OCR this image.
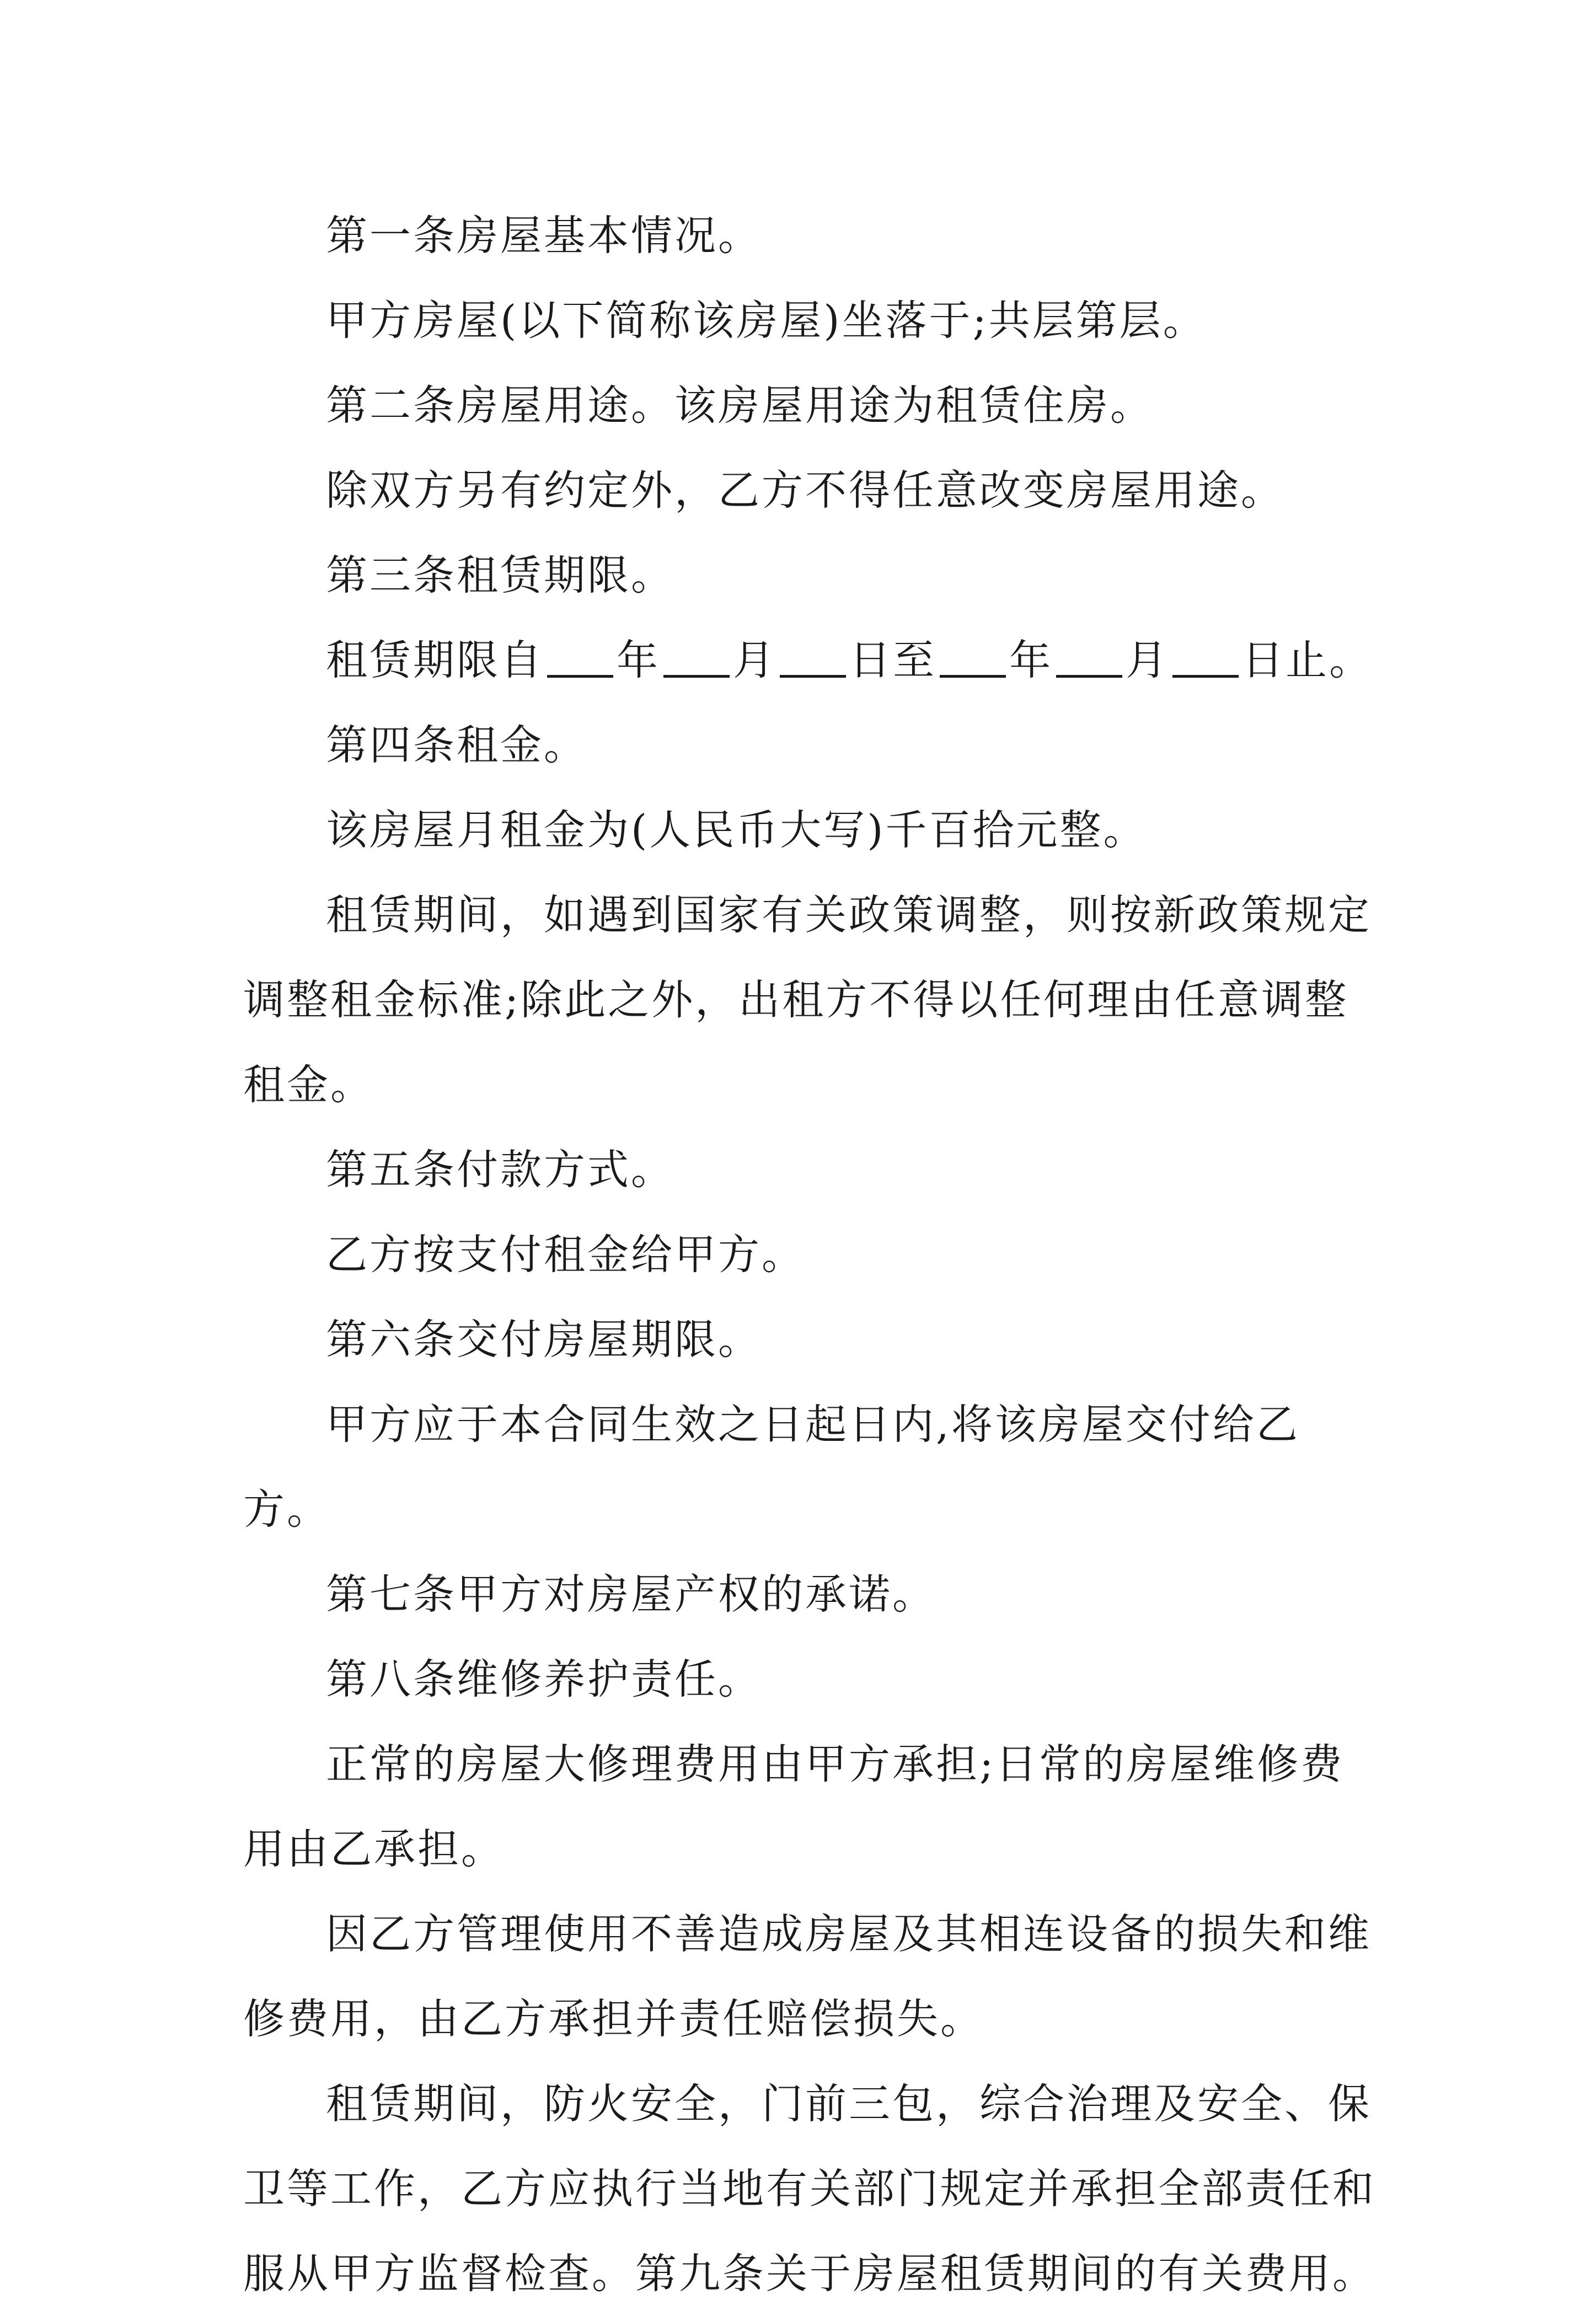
第一条房屋基本情况。

甲方房屋(以下简称该房屋)坐落于;共层第层。

第二条房屋用途。该房屋用途为租赁住房。

除双方另有约定外，乙方不得任意改变房屋用途。

第三条租赁期限。

租赁期限自 年 月 日至 年 月 日止。

第四条租金。

该房屋月租金为(人民币大写)千百拾元整。

租赁期间，如遇到国家有关政策调整，则按新政策规定调整租金标准;除此之外，出租方不得以任何理由任意调整租金。

第五条付款方式。

乙方按支付租金给甲方。

第六条交付房屋期限。

甲方应于本合同生效之日起日内,将该房屋交付给乙方。

第七条甲方对房屋产权的承诺。

第八条维修养护责任。

正常的房屋大修理费用由甲方承担;日常的房屋维修费用由乙承担。

因乙方管理使用不善造成房屋及其相连设备的损失和维修费用，由乙方承担并责任赔偿损失。

租赁期间，防火安全，门前三包，综合治理及安全、保卫等工作，乙方应执行当地有关部门规定并承担全部责任和服从甲方监督检查。第九条关于房屋租赁期间的有关费用。
